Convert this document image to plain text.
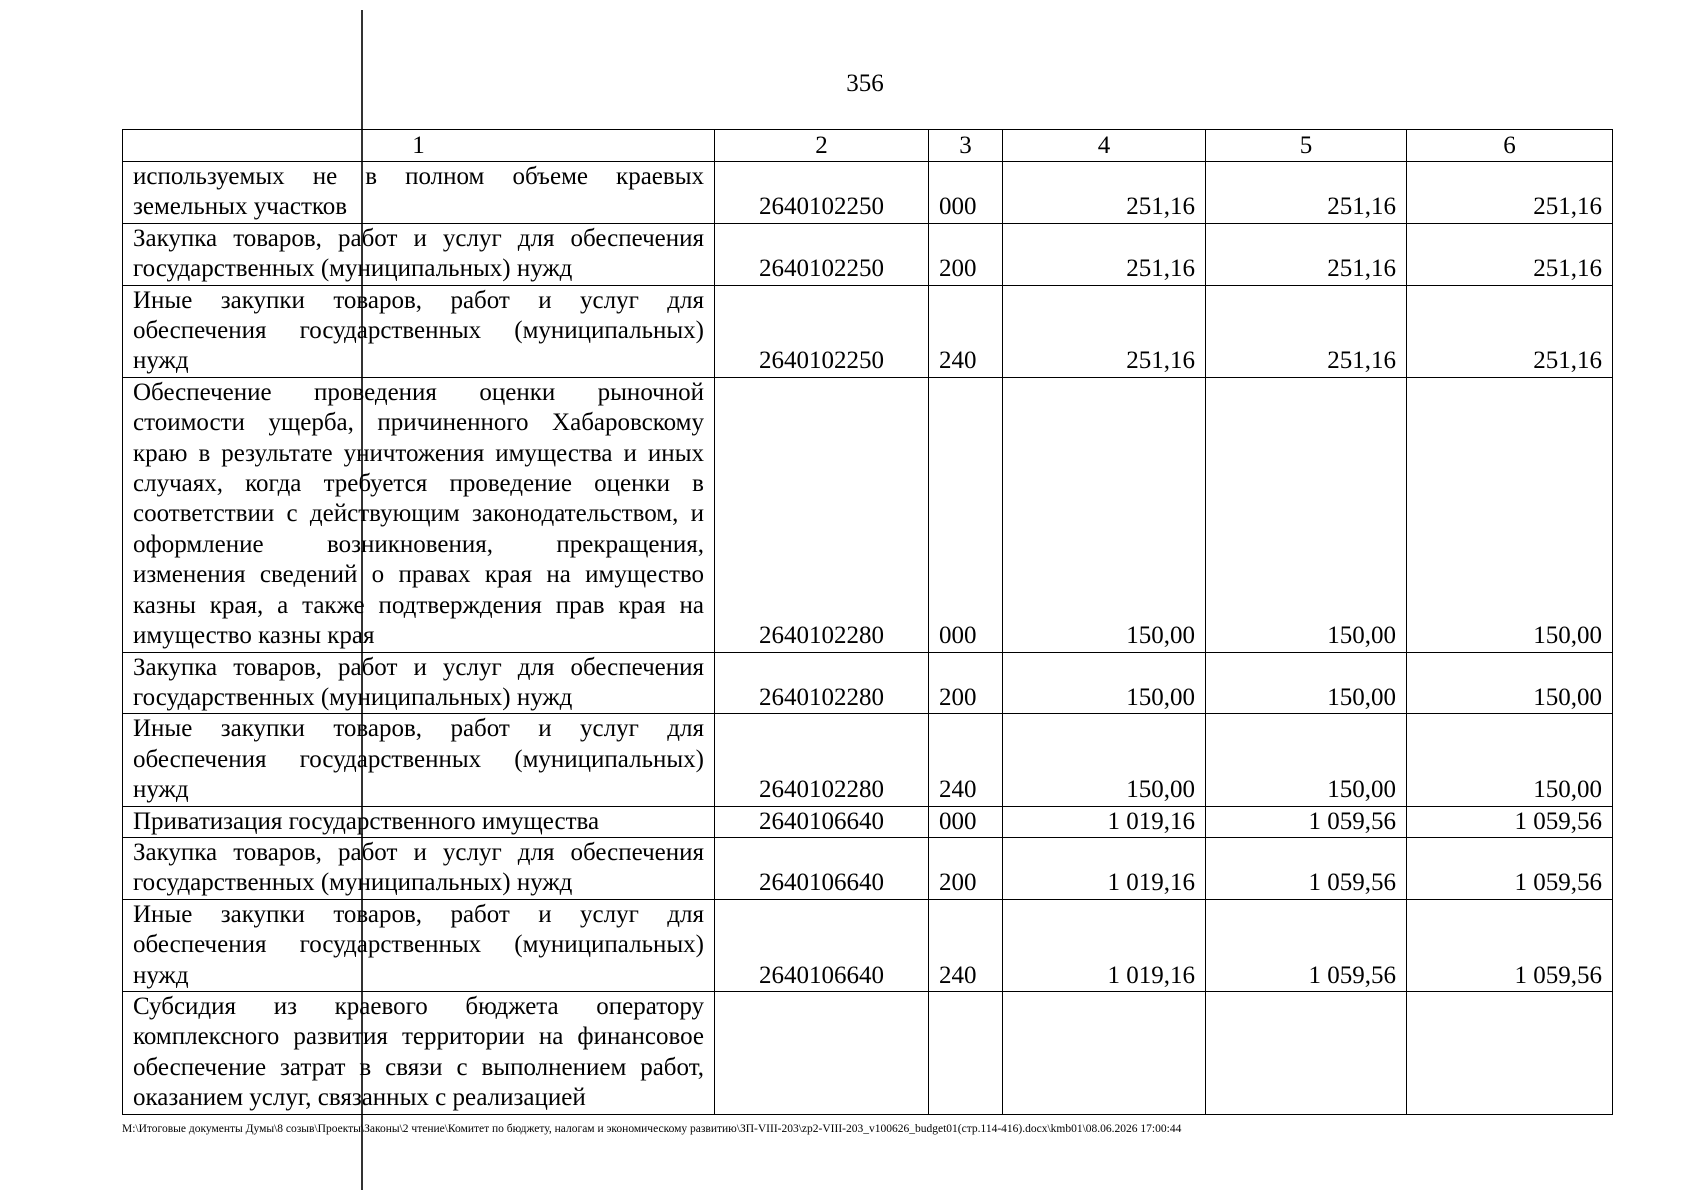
356
1	2	3	4	5	6
используемых не в полном объеме краевых земельных участков	2640102250	000	251,16	251,16	251,16
Закупка товаров, работ и услуг для обеспечения государственных (муниципальных) нужд	2640102250	200	251,16	251,16	251,16
Иные закупки товаров, работ и услуг для обеспечения государственных (муниципальных) нужд	2640102250	240	251,16	251,16	251,16
Обеспечение проведения оценки рыночной стоимости ущерба, причиненного Хабаровскому краю в результате уничтожения имущества и иных случаях, когда требуется проведение оценки в соответствии с действующим законодательством, и оформление возникновения, прекращения, изменения сведений о правах края на имущество казны края, а также подтверждения прав края на имущество казны края	2640102280	000	150,00	150,00	150,00
Закупка товаров, работ и услуг для обеспечения государственных (муниципальных) нужд	2640102280	200	150,00	150,00	150,00
Иные закупки товаров, работ и услуг для обеспечения государственных (муниципальных) нужд	2640102280	240	150,00	150,00	150,00
Приватизация государственного имущества	2640106640	000	1 019,16	1 059,56	1 059,56
Закупка товаров, работ и услуг для обеспечения государственных (муниципальных) нужд	2640106640	200	1 019,16	1 059,56	1 059,56
Иные закупки товаров, работ и услуг для обеспечения государственных (муниципальных) нужд	2640106640	240	1 019,16	1 059,56	1 059,56
Субсидия из краевого бюджета оператору комплексного развития территории на финансовое обеспечение затрат в связи с выполнением работ, оказанием услуг, связанных с реализацией					
M:\Итоговые документы Думы\8 созыв\Проекты\Законы\2 чтение\Комитет по бюджету, налогам и экономическому развитию\ЗП-VIII-203\zp2-VIII-203_v100626_budget01(стр.114-416).docx\kmb01\08.06.2026 17:00:44
